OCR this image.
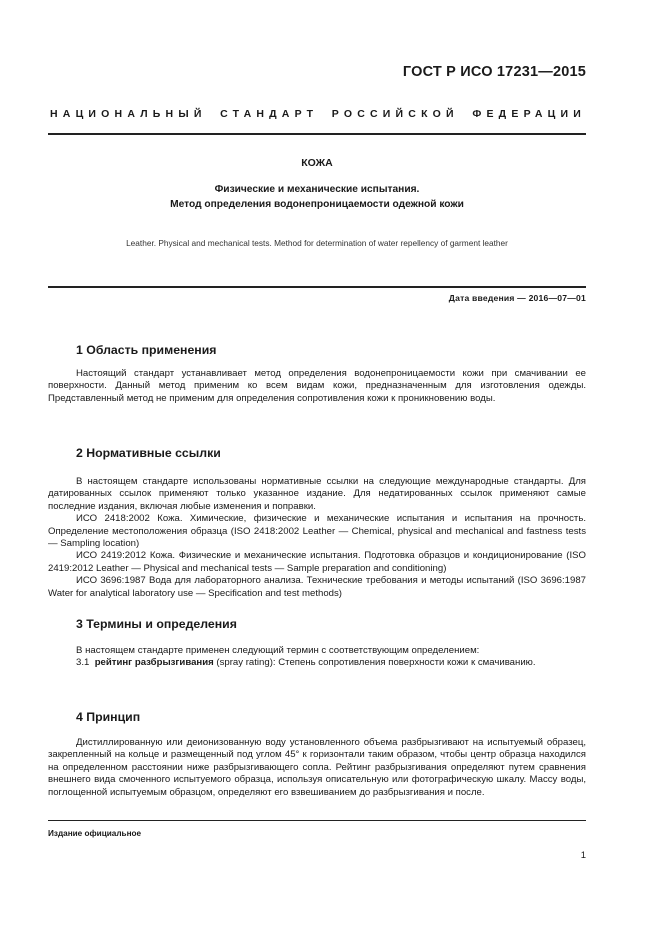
ГОСТ Р ИСО 17231—2015
НАЦИОНАЛЬНЫЙ СТАНДАРТ РОССИЙСКОЙ ФЕДЕРАЦИИ
КОЖА
Физические и механические испытания.
Метод определения водонепроницаемости одежной кожи
Leather. Physical and mechanical tests. Method for determination of water repellency of garment leather
Дата введения — 2016—07—01
1 Область применения

Настоящий стандарт устанавливает метод определения водонепроницаемости кожи при смачивании ее поверхности. Данный метод применим ко всем видам кожи, предназначенным для изготовления одежды. Представленный метод не применим для определения сопротивления кожи к проникновению воды.

2 Нормативные ссылки

В настоящем стандарте использованы нормативные ссылки на следующие международные стандарты. Для датированных ссылок применяют только указанное издание. Для недатированных ссылок применяют самые последние издания, включая любые изменения и поправки.

ИСО 2418:2002 Кожа. Химические, физические и механические испытания и испытания на прочность. Определение местоположения образца (ISO 2418:2002 Leather — Chemical, physical and mechanical and fastness tests — Sampling location)

ИСО 2419:2012 Кожа. Физические и механические испытания. Подготовка образцов и кондиционирование (ISO 2419:2012 Leather — Physical and mechanical tests — Sample preparation and conditioning)

ИСО 3696:1987 Вода для лабораторного анализа. Технические требования и методы испытаний (ISO 3696:1987 Water for analytical laboratory use — Specification and test methods)

3 Термины и определения

В настоящем стандарте применен следующий термин с соответствующим определением:

3.1 рейтинг разбрызгивания (spray rating): Степень сопротивления поверхности кожи к смачиванию.

4 Принцип

Дистиллированную или деионизованную воду установленного объема разбрызгивают на испытуемый образец, закрепленный на кольце и размещенный под углом 45° к горизонтали таким образом, чтобы центр образца находился на определенном расстоянии ниже разбрызгивающего сопла. Рейтинг разбрызгивания определяют путем сравнения внешнего вида смоченного испытуемого образца, используя описательную или фотографическую шкалу. Массу воды, поглощенной испытуемым образцом, определяют его взвешиванием до разбрызгивания и после.

Издание официальное
1
